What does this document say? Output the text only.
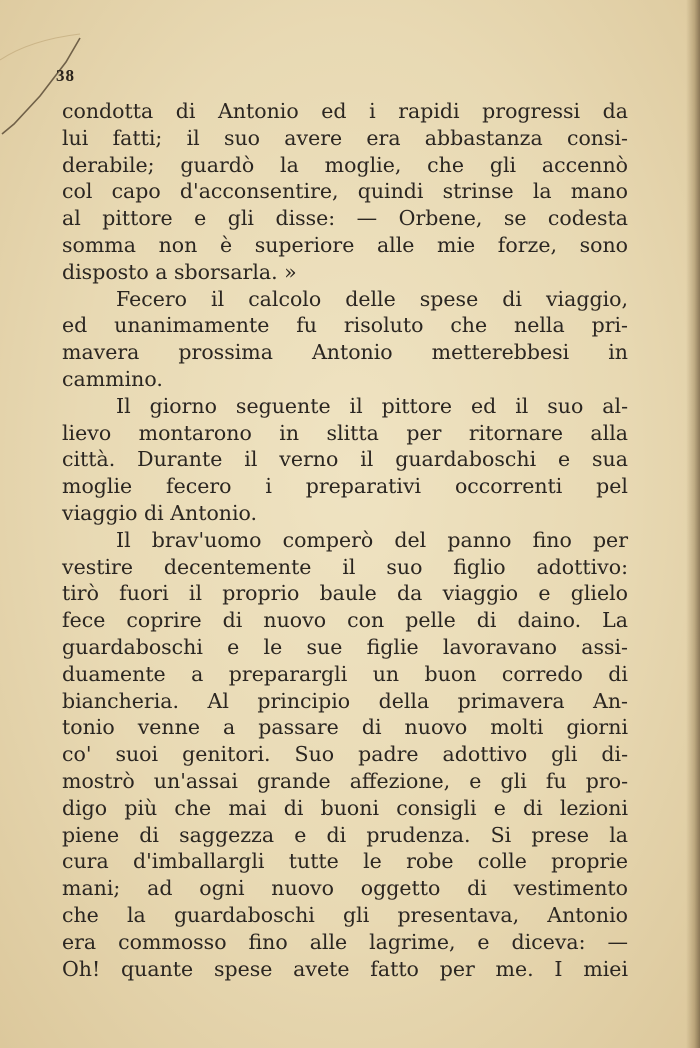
38
condotta di Antonio ed i rapidi progressi da
lui fatti; il suo avere era abbastanza consi-
derabile; guardò la moglie, che gli accennò
col capo d'acconsentire, quindi strinse la mano
al pittore e gli disse: — Orbene, se codesta
somma non è superiore alle mie forze, sono
disposto a sborsarla. »
Fecero il calcolo delle spese di viaggio,
ed unanimamente fu risoluto che nella pri-
mavera prossima Antonio metterebbesi in
cammino.
Il giorno seguente il pittore ed il suo al-
lievo montarono in slitta per ritornare alla
città. Durante il verno il guardaboschi e sua
moglie fecero i preparativi occorrenti pel
viaggio di Antonio.
Il brav'uomo comperò del panno fino per
vestire decentemente il suo figlio adottivo:
tirò fuori il proprio baule da viaggio e glielo
fece coprire di nuovo con pelle di daino. La
guardaboschi e le sue figlie lavoravano assi-
duamente a preparargli un buon corredo di
biancheria. Al principio della primavera An-
tonio venne a passare di nuovo molti giorni
co' suoi genitori. Suo padre adottivo gli di-
mostrò un'assai grande affezione, e gli fu pro-
digo più che mai di buoni consigli e di lezioni
piene di saggezza e di prudenza. Si prese la
cura d'imballargli tutte le robe colle proprie
mani; ad ogni nuovo oggetto di vestimento
che la guardaboschi gli presentava, Antonio
era commosso fino alle lagrime, e diceva: —
Oh! quante spese avete fatto per me. I miei
